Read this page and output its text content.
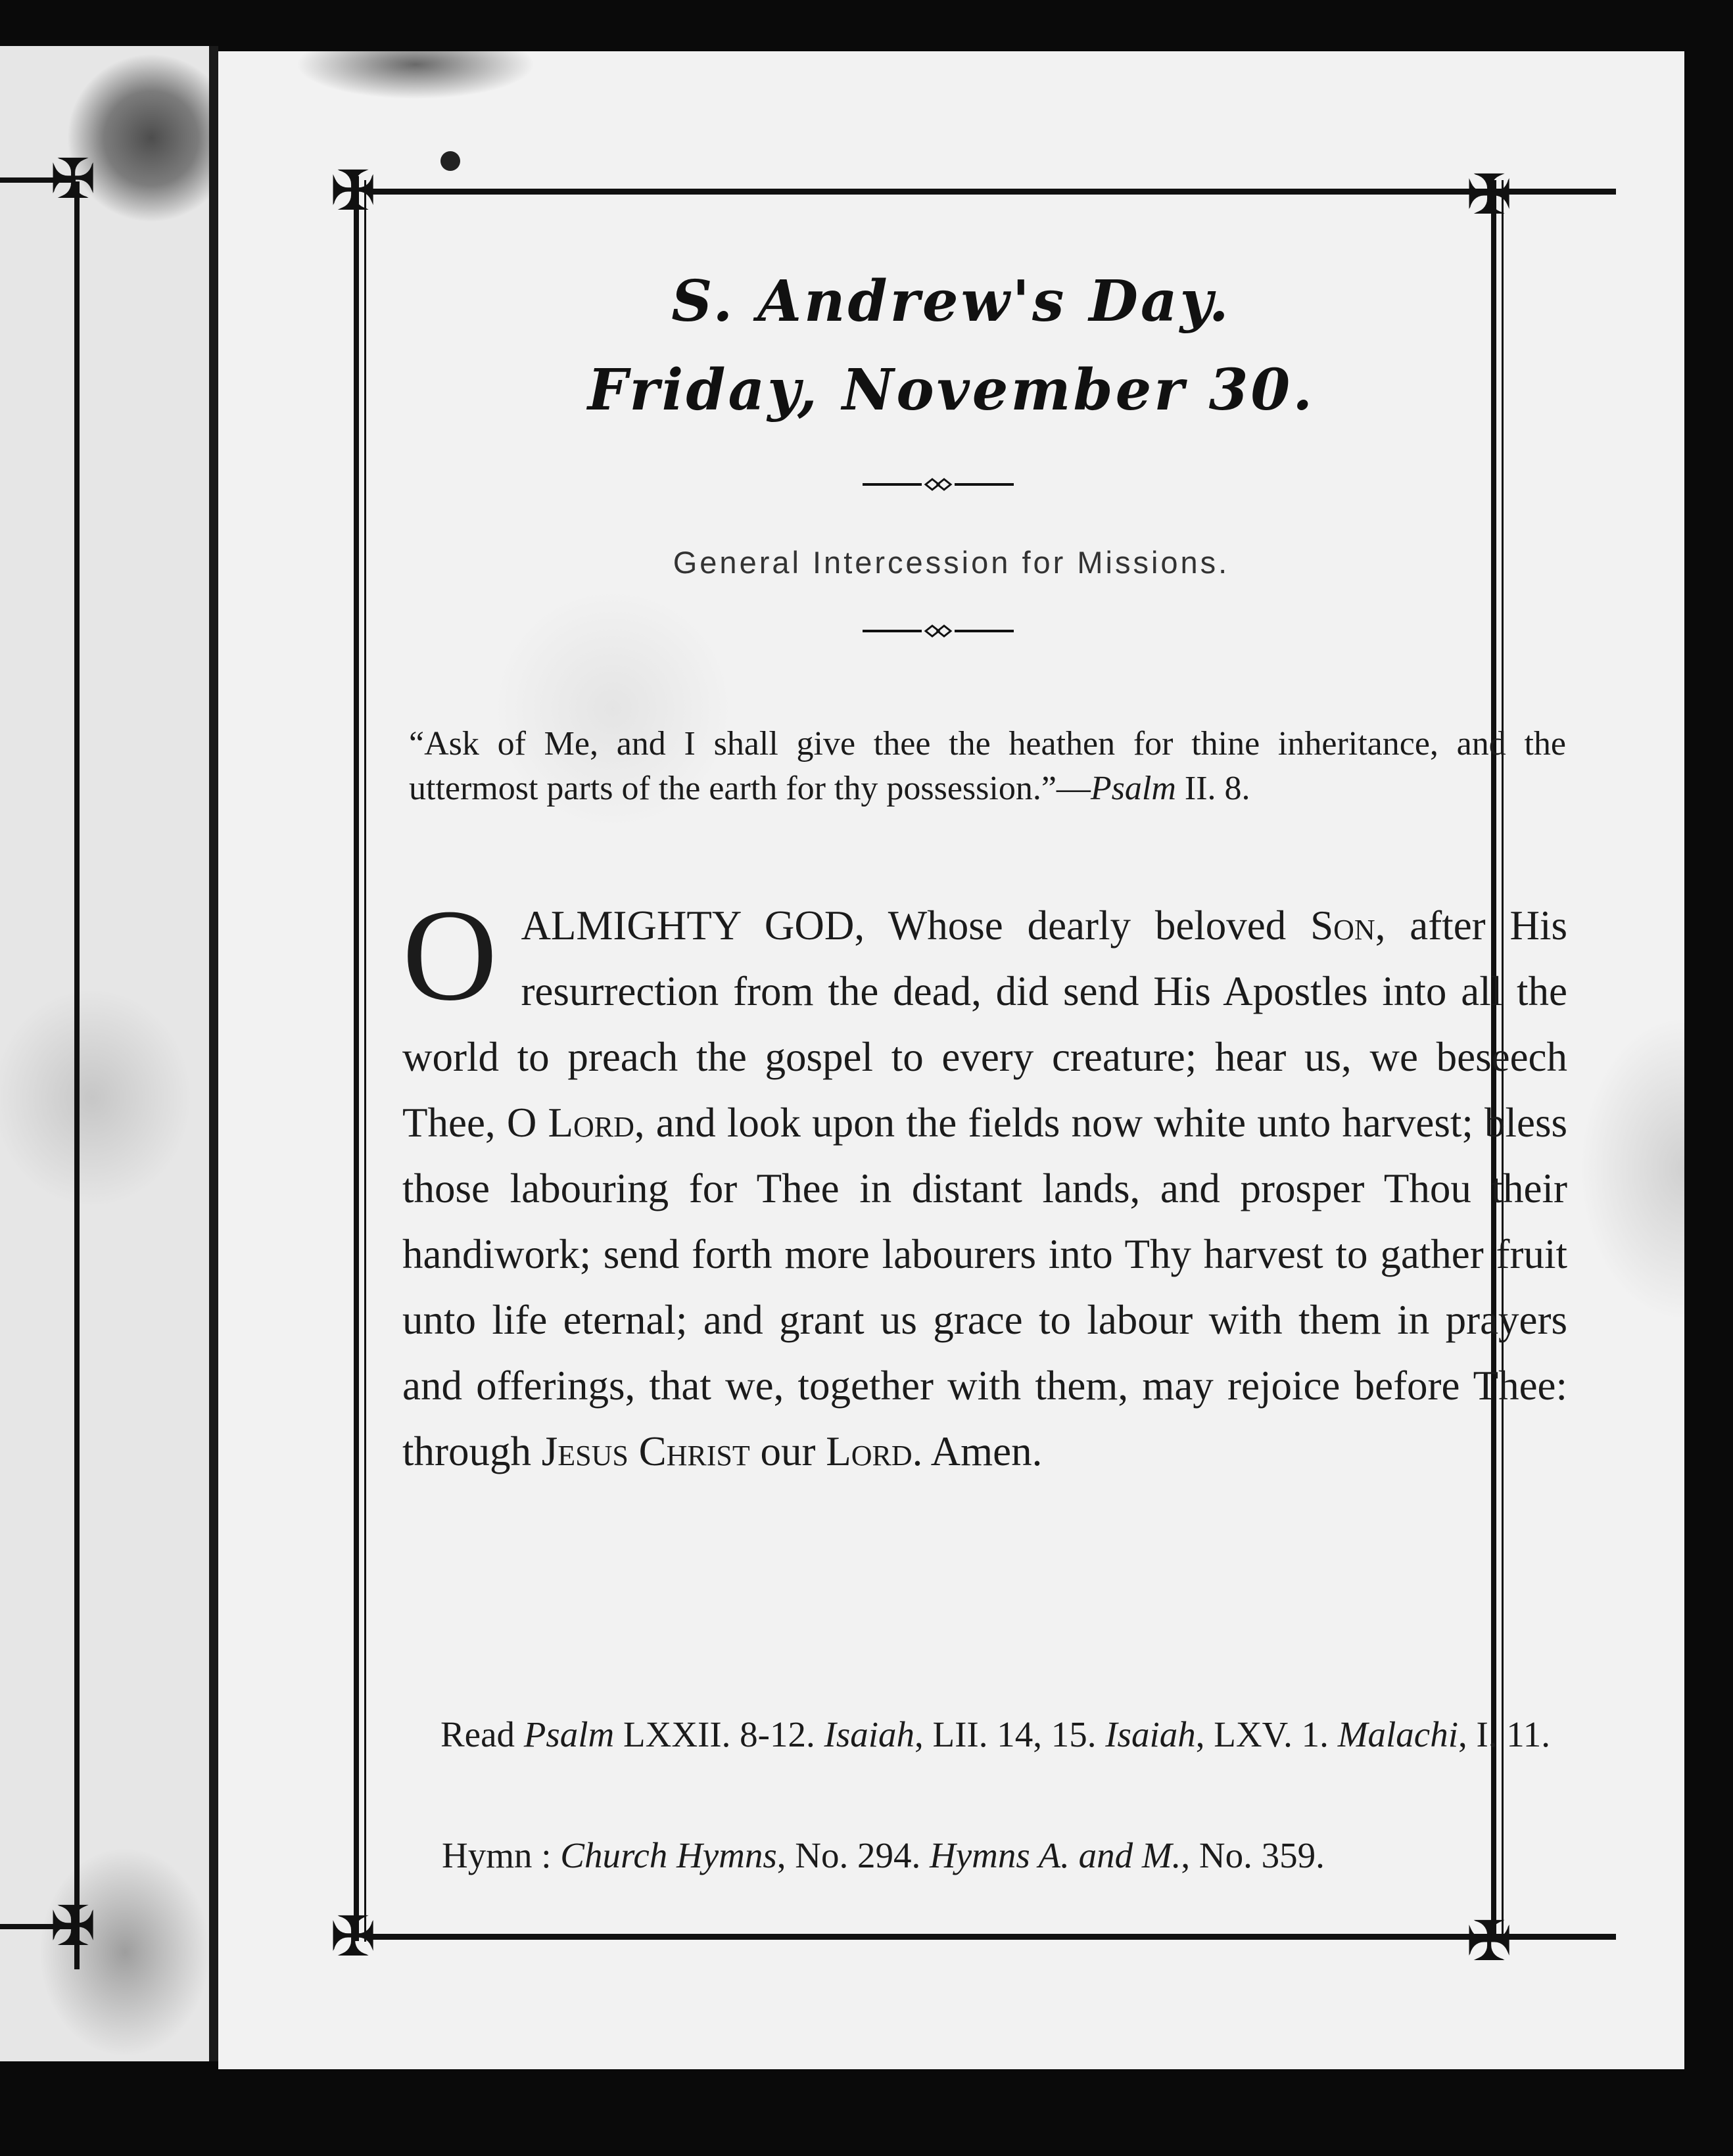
✠
✠
✠	✠
✠	✠
S. Andrew's Day.
Friday, November 30.
General Intercession for Missions.
“Ask of Me, and I shall give thee the heathen for thine inheritance, and the uttermost parts of the earth for thy possession.”—Psalm II. 8.
OALMIGHTY GOD, Whose dearly beloved Son, after His resurrection from the dead, did send His Apostles into all the world to preach the gospel to every creature; hear us, we beseech Thee, O Lord, and look upon the fields now white unto harvest; bless those labouring for Thee in distant lands, and prosper Thou their handiwork; send forth more labourers into Thy harvest to gather fruit unto life eternal; and grant us grace to labour with them in prayers and offerings, that we, together with them, may rejoice before Thee: through Jesus Christ our Lord. Amen.
Read Psalm LXXII. 8-12. Isaiah, LII. 14, 15. Isaiah, LXV. 1. Malachi, I. 11.
Hymn : Church Hymns, No. 294. Hymns A. and M., No. 359.
